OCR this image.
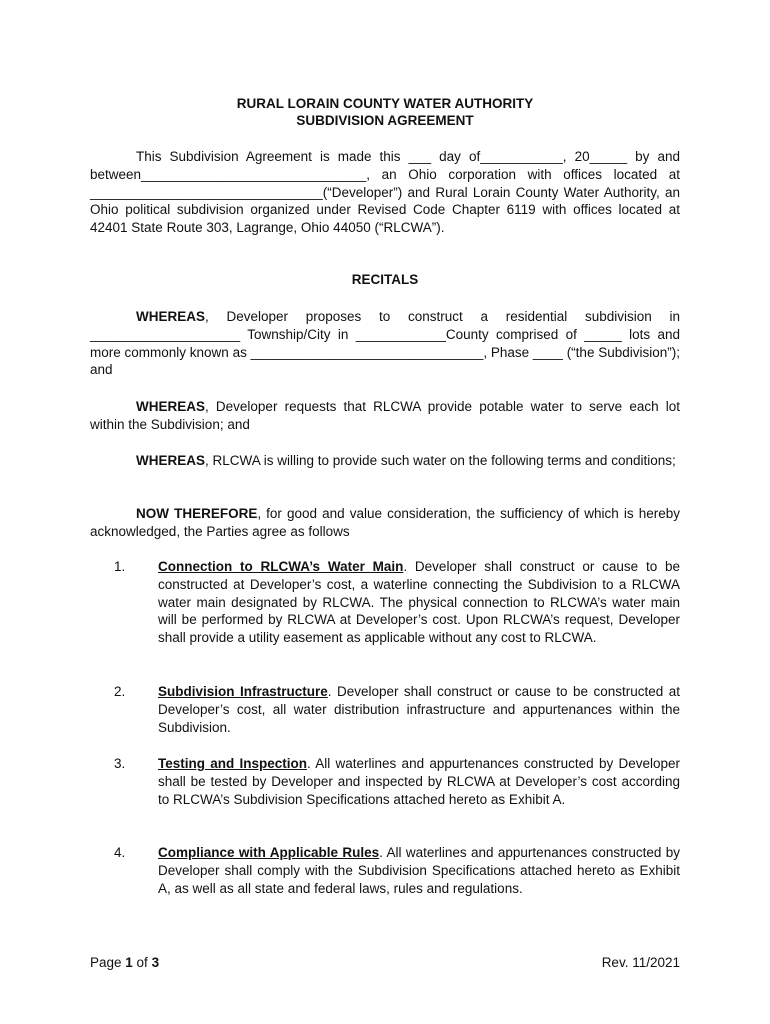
RURAL LORAIN COUNTY WATER AUTHORITY
SUBDIVISION AGREEMENT
This Subdivision Agreement is made this ___ day of___________, 20_____ by and between______________________________, an Ohio corporation with offices located at _______________________________(“Developer”) and Rural Lorain County Water Authority, an Ohio political subdivision organized under Revised Code Chapter 6119 with offices located at 42401 State Route 303, Lagrange, Ohio 44050 (“RLCWA”).
RECITALS
WHEREAS, Developer proposes to construct a residential subdivision in ____________________ Township/City in ____________County comprised of _____ lots and more commonly known as _______________________________, Phase ____ (“the Subdivision”); and
WHEREAS, Developer requests that RLCWA provide potable water to serve each lot within the Subdivision; and
WHEREAS, RLCWA is willing to provide such water on the following terms and conditions;
NOW THEREFORE, for good and value consideration, the sufficiency of which is hereby acknowledged, the Parties agree as follows
1. Connection to RLCWA’s Water Main. Developer shall construct or cause to be constructed at Developer’s cost, a waterline connecting the Subdivision to a RLCWA water main designated by RLCWA. The physical connection to RLCWA’s water main will be performed by RLCWA at Developer’s cost. Upon RLCWA’s request, Developer shall provide a utility easement as applicable without any cost to RLCWA.
2. Subdivision Infrastructure. Developer shall construct or cause to be constructed at Developer’s cost, all water distribution infrastructure and appurtenances within the Subdivision.
3. Testing and Inspection. All waterlines and appurtenances constructed by Developer shall be tested by Developer and inspected by RLCWA at Developer’s cost according to RLCWA’s Subdivision Specifications attached hereto as Exhibit A.
4. Compliance with Applicable Rules. All waterlines and appurtenances constructed by Developer shall comply with the Subdivision Specifications attached hereto as Exhibit A, as well as all state and federal laws, rules and regulations.
Page 1 of 3	Rev. 11/2021
